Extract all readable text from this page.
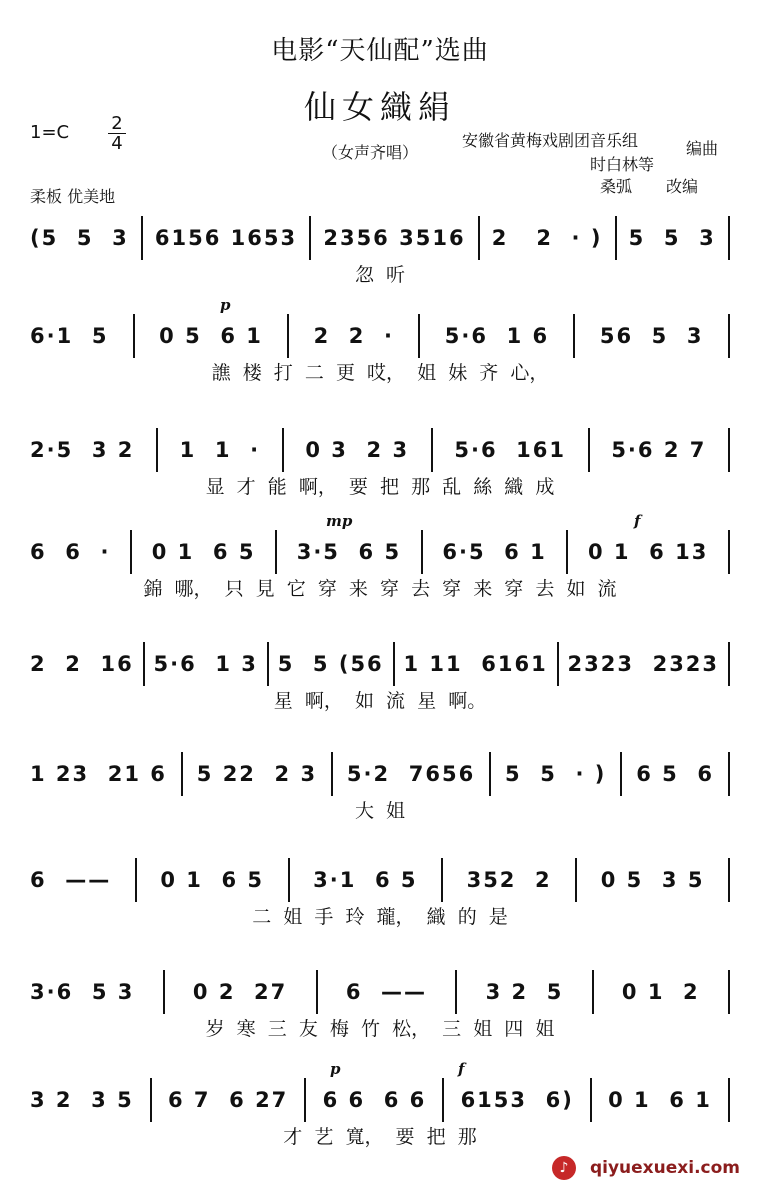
电影“天仙配”选曲
仙女織絹
$1=C \frac{2}{4}$	（女声齐唱）
安徽省黄梅戏剧团音乐组	编曲
时白林等
桑弧 改编
柔板 优美地
(5  5  3 6156 1653 2356 3516 2   2  · ) 5  5  3
忽  听
6·1  5 0 5  6 1 2  2  · 5·6  1 6 56  5  3
譙  楼  打  二  更  哎，  姐  妹  齐  心，
p
2·5  3 2 1  1  · 0 3  2 3 5·6  161 5·6 2 7
显  才  能  啊，  要  把  那  乱  絲  織  成
6  6  · 0 1  6 5 3·5  6 5 6·5  6 1 0 1  6 13
錦  哪，  只  見  它  穿  来  穿  去  穿  来  穿  去  如  流
mp	f
2  2  16 5·6  1 3 5  5 (56 1 11  6161 2323  2323
星  啊，  如  流  星  啊。
1 23  21 6 5 22  2 3 5·2  7656 5  5  · ) 6 5  6
大  姐
6  —— 0 1  6 5 3·1  6 5 352  2 0 5  3 5
二  姐  手  玲  瓏，  織  的  是
3·6  5 3	0 2  27	6  ——	3 2  5	0 1  2
岁  寒  三  友  梅  竹  松，  三  姐  四  姐
3 2  3 5 6 7  6 27 6 6  6 6 6153  6) 0 1  6 1
才  艺  寬，  要  把  那
p	f
♪	qiyuexuexi.com
